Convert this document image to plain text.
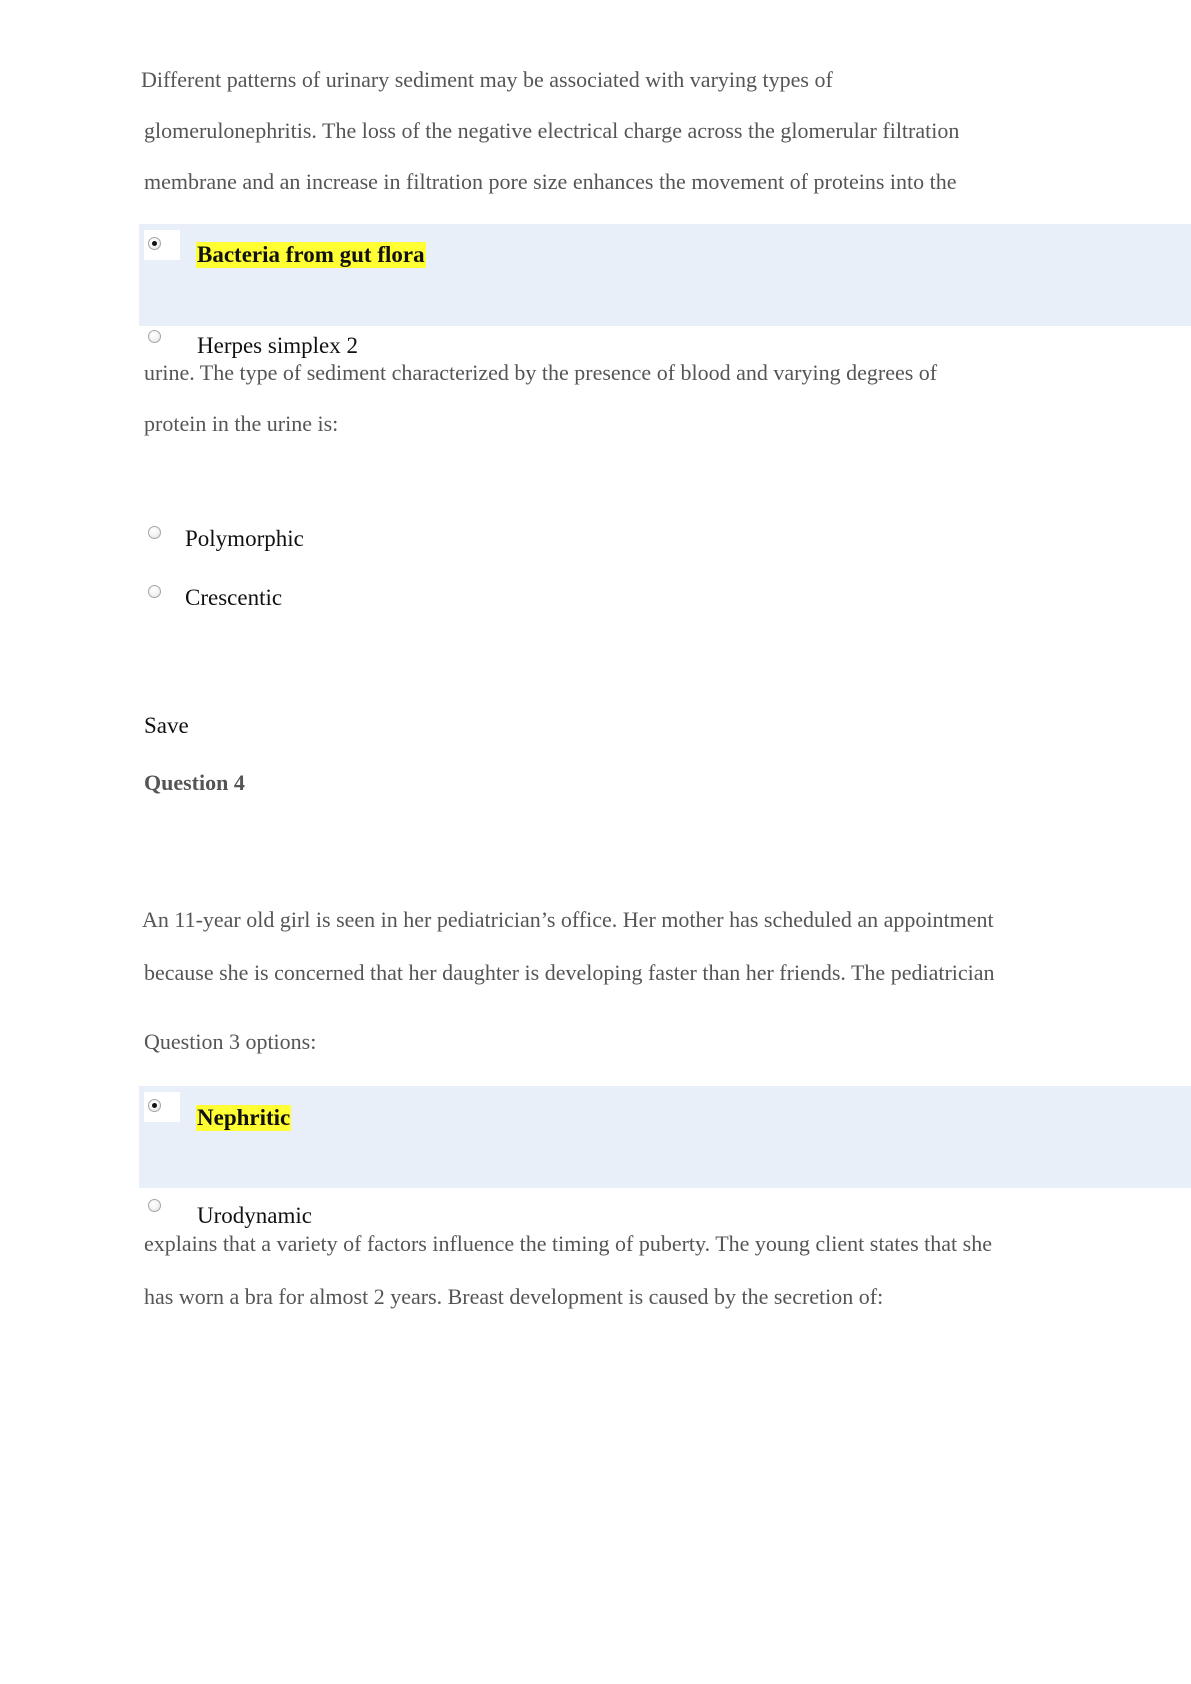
Different patterns of urinary sediment may be associated with varying types of
glomerulonephritis. The loss of the negative electrical charge across the glomerular filtration
membrane and an increase in filtration pore size enhances the movement of proteins into the
Bacteria from gut flora
Herpes simplex 2
urine. The type of sediment characterized by the presence of blood and varying degrees of
protein in the urine is:
Polymorphic
Crescentic
Save
Question 4
An 11-year old girl is seen in her pediatrician’s office. Her mother has scheduled an appointment
because she is concerned that her daughter is developing faster than her friends. The pediatrician
Question 3 options:
Nephritic
Urodynamic
explains that a variety of factors influence the timing of puberty. The young client states that she
has worn a bra for almost 2 years. Breast development is caused by the secretion of:
